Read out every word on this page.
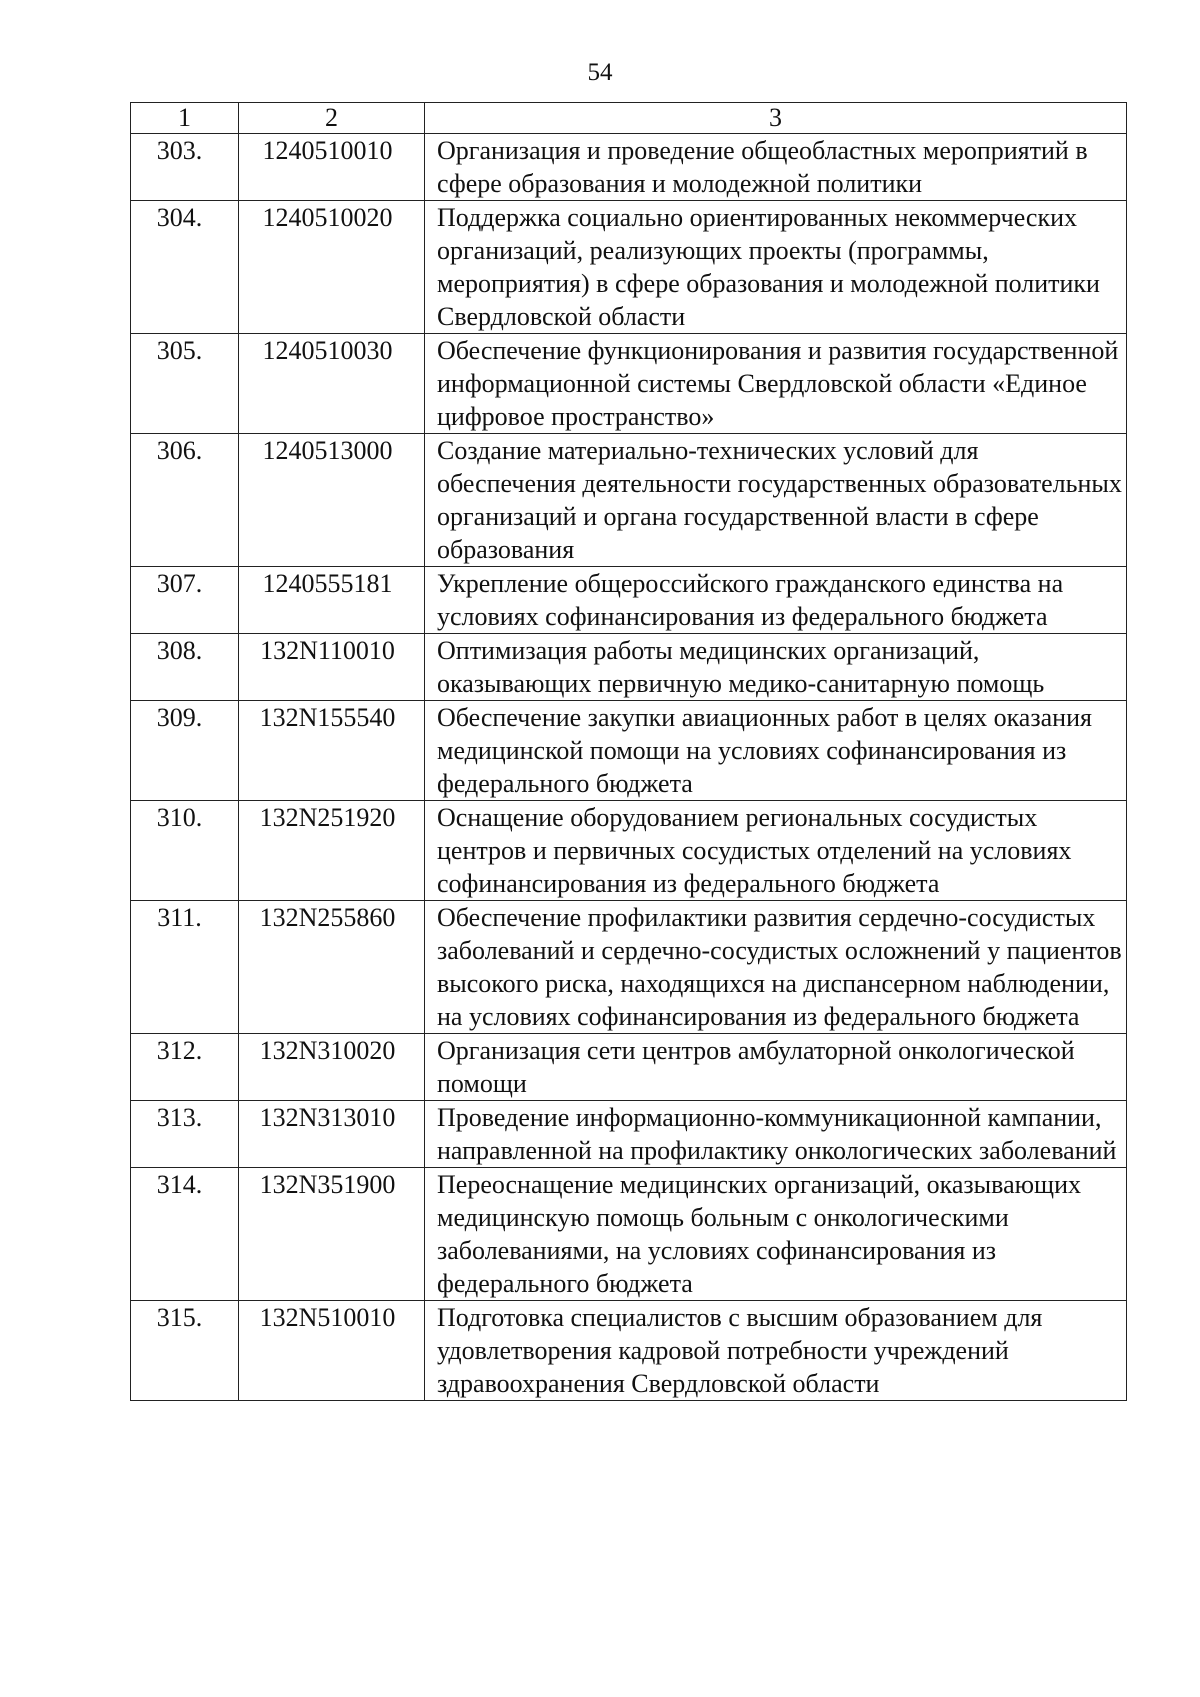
54
1	2	3
303.	1240510010	Организация и проведение общеобластных мероприятий в сфере образования и молодежной политики
304.	1240510020	Поддержка социально ориентированных некоммерческих организаций, реализующих проекты (программы, мероприятия) в сфере образования и молодежной политики Свердловской области
305.	1240510030	Обеспечение функционирования и развития государственной информационной системы Свердловской области «Единое цифровое пространство»
306.	1240513000	Создание материально-технических условий для обеспечения деятельности государственных образовательных организаций и органа государственной власти в сфере образования
307.	1240555181	Укрепление общероссийского гражданского единства на условиях софинансирования из федерального бюджета
308.	132N110010	Оптимизация работы медицинских организаций, оказывающих первичную медико-санитарную помощь
309.	132N155540	Обеспечение закупки авиационных работ в целях оказания медицинской помощи на условиях софинансирования из федерального бюджета
310.	132N251920	Оснащение оборудованием региональных сосудистых центров и первичных сосудистых отделений на условиях софинансирования из федерального бюджета
311.	132N255860	Обеспечение профилактики развития сердечно-сосудистых заболеваний и сердечно-сосудистых осложнений у пациентов высокого риска, находящихся на диспансерном наблюдении, на условиях софинансирования из федерального бюджета
312.	132N310020	Организация сети центров амбулаторной онкологической помощи
313.	132N313010	Проведение информационно-коммуникационной кампании, направленной на профилактику онкологических заболеваний
314.	132N351900	Переоснащение медицинских организаций, оказывающих медицинскую помощь больным с онкологическими заболеваниями, на условиях софинансирования из федерального бюджета
315.	132N510010	Подготовка специалистов с высшим образованием для удовлетворения кадровой потребности учреждений здравоохранения Свердловской области
